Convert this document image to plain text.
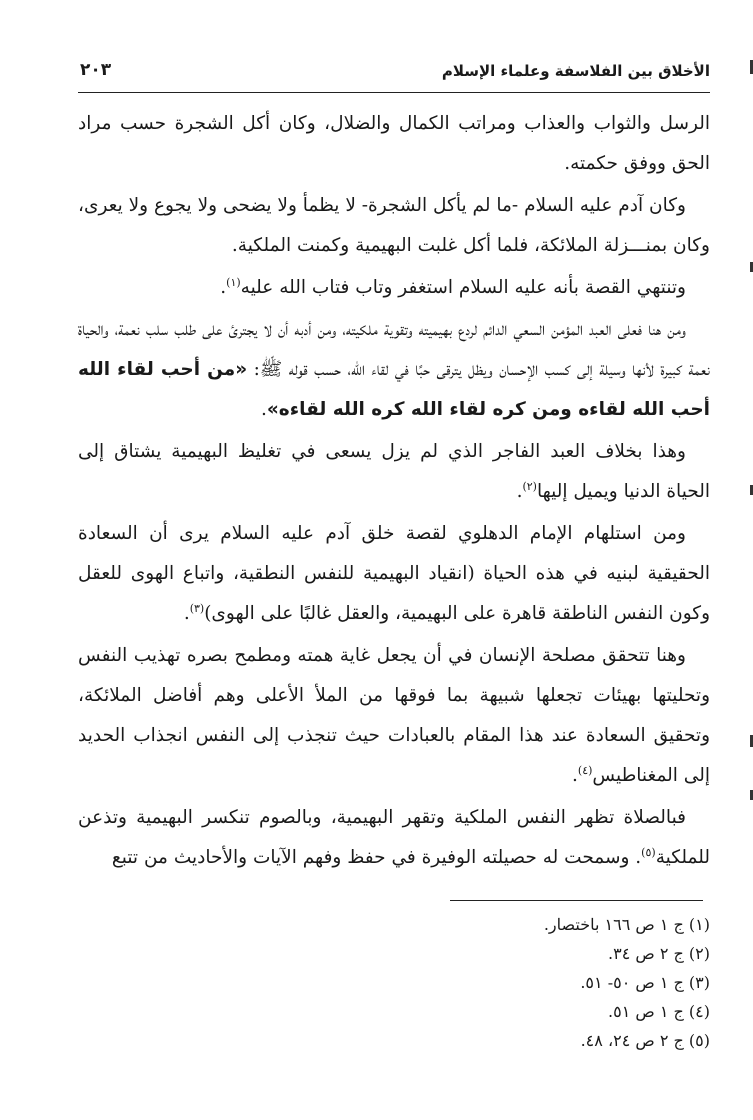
الأخلاق بين الفلاسفة وعلماء الإسلام
٢٠٣

الرسل والثواب والعذاب ومراتب الكمال والضلال، وكان أكل الشجرة حسب مراد الحق ووفق حكمته.

وكان آدم عليه السلام -ما لم يأكل الشجرة- لا يظمأ ولا يضحى ولا يجوع ولا يعرى، وكان بمنـــزلة الملائكة، فلما أكل غلبت البهيمية وكمنت الملكية.

وتنتهي القصة بأنه عليه السلام استغفر وتاب فتاب الله عليه$^{(١)}$.

ومن هنا فعلى العبد المؤمن السعي الدائم لردع بهيميته وتقوية ملكيته، ومن أدبه أن لا يجترئ على طلب سلب نعمة، والحياة نعمة كبيرة لأنها وسيلة إلى كسب الإحسان ويظل يترقى حبًا في لقاء الله، حسب قوله ﷺ: «من أحب لقاء الله أحب الله لقاءه ومن كره لقاء الله كره الله لقاءه».

وهذا بخلاف العبد الفاجر الذي لم يزل يسعى في تغليظ البهيمية يشتاق إلى الحياة الدنيا ويميل إليها$^{(٢)}$.

ومن استلهام الإمام الدهلوي لقصة خلق آدم عليه السلام يرى أن السعادة الحقيقية لبنيه في هذه الحياة (انقياد البهيمية للنفس النطقية، واتباع الهوى للعقل وكون النفس الناطقة قاهرة على البهيمية، والعقل غالبًا على الهوى)$^{(٣)}$.

وهنا تتحقق مصلحة الإنسان في أن يجعل غاية همته ومطمح بصره تهذيب النفس وتحليتها بهيئات تجعلها شبيهة بما فوقها من الملأ الأعلى وهم أفاضل الملائكة، وتحقيق السعادة عند هذا المقام بالعبادات حيث تنجذب إلى النفس انجذاب الحديد إلى المغناطيس$^{(٤)}$.

فبالصلاة تظهر النفس الملكية وتقهر البهيمية، وبالصوم تنكسر البهيمية وتذعن للملكية$^{(٥)}$. وسمحت له حصيلته الوفيرة في حفظ وفهم الآيات والأحاديث من تتبع

(١) ج ١ ص ١٦٦ باختصار.
(٢) ج ٢ ص ٣٤.
(٣) ج ١ ص ٥٠- ٥١.
(٤) ج ١ ص ٥١.
(٥) ج ٢ ص ٢٤، ٤٨.
